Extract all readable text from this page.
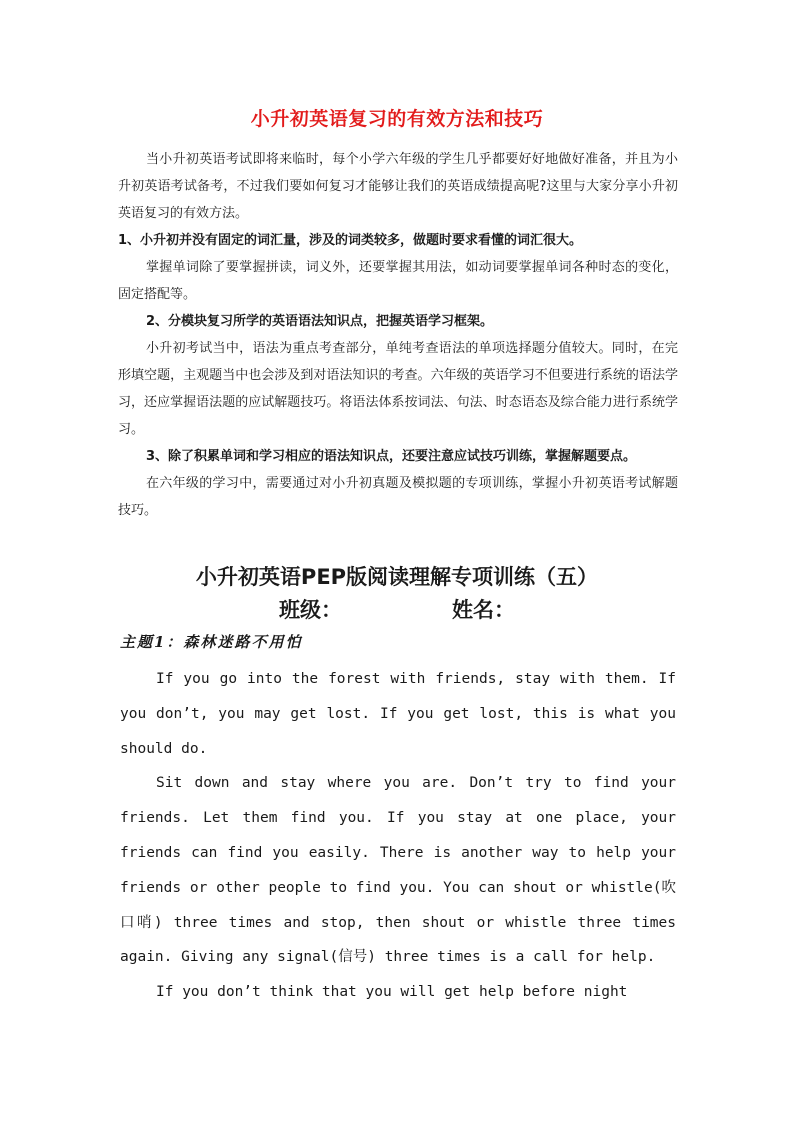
小升初英语复习的有效方法和技巧

当小升初英语考试即将来临时，每个小学六年级的学生几乎都要好好地做好准备，并且为小升初英语考试备考，不过我们要如何复习才能够让我们的英语成绩提高呢?这里与大家分享小升初英语复习的有效方法。

1、小升初并没有固定的词汇量，涉及的词类较多，做题时要求看懂的词汇很大。

掌握单词除了要掌握拼读，词义外，还要掌握其用法，如动词要掌握单词各种时态的变化，固定搭配等。

2、分模块复习所学的英语语法知识点，把握英语学习框架。

小升初考试当中，语法为重点考查部分，单纯考查语法的单项选择题分值较大。同时，在完形填空题，主观题当中也会涉及到对语法知识的考查。六年级的英语学习不但要进行系统的语法学习，还应掌握语法题的应试解题技巧。将语法体系按词法、句法、时态语态及综合能力进行系统学习。

3、除了积累单词和学习相应的语法知识点，还要注意应试技巧训练，掌握解题要点。

在六年级的学习中，需要通过对小升初真题及模拟题的专项训练，掌握小升初英语考试解题技巧。

小升初英语PEP版阅读理解专项训练（五）
班级：	姓名：
主题1：森林迷路不用怕

If you go into the forest with friends, stay with them. If you don’t, you may get lost. If you get lost, this is what you should do.

Sit down and stay where you are. Don’t try to find your friends. Let them find you. If you stay at one place, your friends can find you easily. There is another way to help your friends or other people to find you. You can shout or whistle(吹口哨) three times and stop, then shout or whistle three times again. Giving any signal(信号) three times is a call for help.

If you don’t think that you will get help before night
